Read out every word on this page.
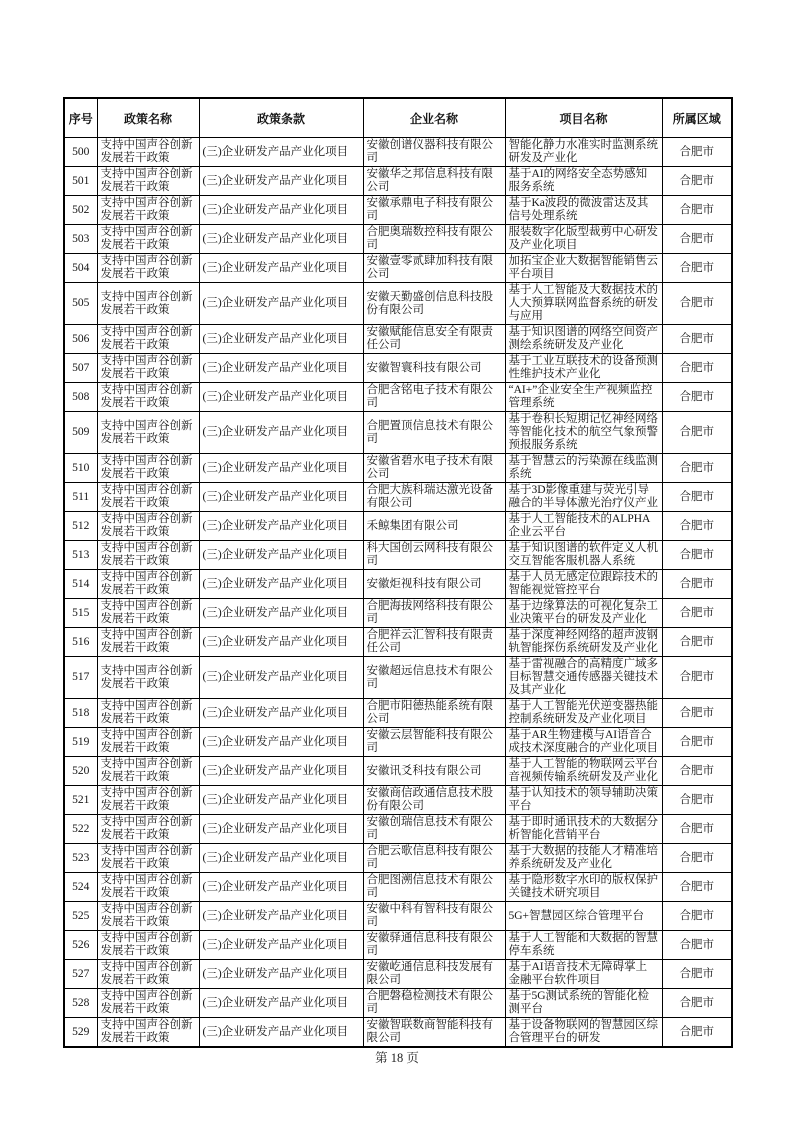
序号	政策名称	政策条款	企业名称	项目名称	所属区域
500	支持中国声谷创新发展若干政策	(三)企业研发产品产业化项目	安徽创谱仪器科技有限公司	智能化静力水准实时监测系统研发及产业化	合肥市
501	支持中国声谷创新发展若干政策	(三)企业研发产品产业化项目	安徽华之邦信息科技有限公司	基于AI的网络安全态势感知服务系统	合肥市
502	支持中国声谷创新发展若干政策	(三)企业研发产品产业化项目	安徽承鼎电子科技有限公司	基于Ka波段的微波雷达及其信号处理系统	合肥市
503	支持中国声谷创新发展若干政策	(三)企业研发产品产业化项目	合肥奥瑞数控科技有限公司	服装数字化版型裁剪中心研发及产业化项目	合肥市
504	支持中国声谷创新发展若干政策	(三)企业研发产品产业化项目	安徽壹零贰肆加科技有限公司	加拓宝企业大数据智能销售云平台项目	合肥市
505	支持中国声谷创新发展若干政策	(三)企业研发产品产业化项目	安徽天勤盛创信息科技股份有限公司	基于人工智能及大数据技术的人大预算联网监督系统的研发与应用	合肥市
506	支持中国声谷创新发展若干政策	(三)企业研发产品产业化项目	安徽赋能信息安全有限责任公司	基于知识图谱的网络空间资产测绘系统研发及产业化	合肥市
507	支持中国声谷创新发展若干政策	(三)企业研发产品产业化项目	安徽智寰科技有限公司	基于工业互联技术的设备预测性维护技术产业化	合肥市
508	支持中国声谷创新发展若干政策	(三)企业研发产品产业化项目	合肥含铭电子技术有限公司	“AI+”企业安全生产视频监控管理系统	合肥市
509	支持中国声谷创新发展若干政策	(三)企业研发产品产业化项目	合肥置顶信息技术有限公司	基于卷积长短期记忆神经网络等智能化技术的航空气象预警预报服务系统	合肥市
510	支持中国声谷创新发展若干政策	(三)企业研发产品产业化项目	安徽省碧水电子技术有限公司	基于智慧云的污染源在线监测系统	合肥市
511	支持中国声谷创新发展若干政策	(三)企业研发产品产业化项目	合肥大族科瑞达激光设备有限公司	基于3D影像重建与荧光引导融合的半导体激光治疗仪产业	合肥市
512	支持中国声谷创新发展若干政策	(三)企业研发产品产业化项目	禾鲸集团有限公司	基于人工智能技术的ALPHA企业云平台	合肥市
513	支持中国声谷创新发展若干政策	(三)企业研发产品产业化项目	科大国创云网科技有限公司	基于知识图谱的软件定义人机交互智能客服机器人系统	合肥市
514	支持中国声谷创新发展若干政策	(三)企业研发产品产业化项目	安徽炬视科技有限公司	基于人员无感定位跟踪技术的智能视觉管控平台	合肥市
515	支持中国声谷创新发展若干政策	(三)企业研发产品产业化项目	合肥海拔网络科技有限公司	基于边缘算法的可视化复杂工业决策平台的研发及产业化	合肥市
516	支持中国声谷创新发展若干政策	(三)企业研发产品产业化项目	合肥祥云汇智科技有限责任公司	基于深度神经网络的超声波钢轨智能探伤系统研发及产业化	合肥市
517	支持中国声谷创新发展若干政策	(三)企业研发产品产业化项目	安徽超远信息技术有限公司	基于雷视融合的高精度广域多目标智慧交通传感器关键技术及其产业化	合肥市
518	支持中国声谷创新发展若干政策	(三)企业研发产品产业化项目	合肥市阳德热能系统有限公司	基于人工智能光伏逆变器热能控制系统研发及产业化项目	合肥市
519	支持中国声谷创新发展若干政策	(三)企业研发产品产业化项目	安徽云层智能科技有限公司	基于AR生物建模与AI语音合成技术深度融合的产业化项目	合肥市
520	支持中国声谷创新发展若干政策	(三)企业研发产品产业化项目	安徽讯爻科技有限公司	基于人工智能的物联网云平台音视频传输系统研发及产业化	合肥市
521	支持中国声谷创新发展若干政策	(三)企业研发产品产业化项目	安徽商信政通信息技术股份有限公司	基于认知技术的领导辅助决策平台	合肥市
522	支持中国声谷创新发展若干政策	(三)企业研发产品产业化项目	安徽创瑞信息技术有限公司	基于即时通讯技术的大数据分析智能化营销平台	合肥市
523	支持中国声谷创新发展若干政策	(三)企业研发产品产业化项目	合肥云歌信息科技有限公司	基于大数据的技能人才精准培养系统研发及产业化	合肥市
524	支持中国声谷创新发展若干政策	(三)企业研发产品产业化项目	合肥图溯信息技术有限公司	基于隐形数字水印的版权保护关键技术研究项目	合肥市
525	支持中国声谷创新发展若干政策	(三)企业研发产品产业化项目	安徽中科有智科技有限公司	5G+智慧园区综合管理平台	合肥市
526	支持中国声谷创新发展若干政策	(三)企业研发产品产业化项目	安徽驿通信息科技有限公司	基于人工智能和大数据的智慧停车系统	合肥市
527	支持中国声谷创新发展若干政策	(三)企业研发产品产业化项目	安徽屹通信息科技发展有限公司	基于AI语音技术无障碍掌上金融平台软件项目	合肥市
528	支持中国声谷创新发展若干政策	(三)企业研发产品产业化项目	合肥磐稳检测技术有限公司	基于5G测试系统的智能化检测平台	合肥市
529	支持中国声谷创新发展若干政策	(三)企业研发产品产业化项目	安徽智联数商智能科技有限公司	基于设备物联网的智慧园区综合管理平台的研发	合肥市
第 18 页
